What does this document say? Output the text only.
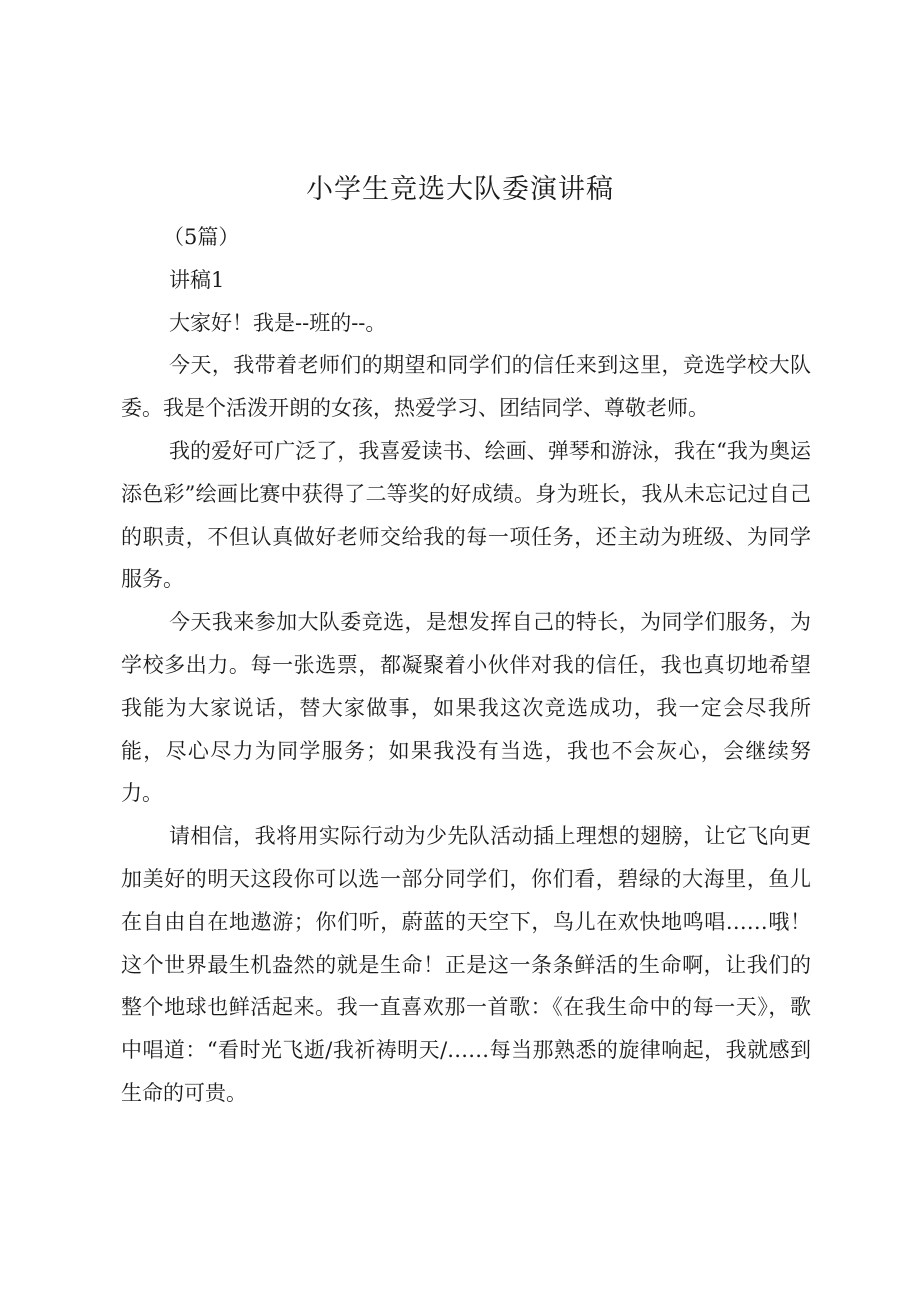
小学生竞选大队委演讲稿

（5篇）

讲稿1

大家好！我是--班的--。

今天，我带着老师们的期望和同学们的信任来到这里，竞选学校大队委。我是个活泼开朗的女孩，热爱学习、团结同学、尊敬老师。

我的爱好可广泛了，我喜爱读书、绘画、弹琴和游泳，我在“我为奥运添色彩”绘画比赛中获得了二等奖的好成绩。身为班长，我从未忘记过自己的职责，不但认真做好老师交给我的每一项任务，还主动为班级、为同学服务。

今天我来参加大队委竞选，是想发挥自己的特长，为同学们服务，为学校多出力。每一张选票，都凝聚着小伙伴对我的信任，我也真切地希望我能为大家说话，替大家做事，如果我这次竞选成功，我一定会尽我所能，尽心尽力为同学服务；如果我没有当选，我也不会灰心，会继续努力。

请相信，我将用实际行动为少先队活动插上理想的翅膀，让它飞向更加美好的明天这段你可以选一部分同学们，你们看，碧绿的大海里，鱼儿在自由自在地遨游；你们听，蔚蓝的天空下，鸟儿在欢快地鸣唱……哦！这个世界最生机盎然的就是生命！正是这一条条鲜活的生命啊，让我们的整个地球也鲜活起来。我一直喜欢那一首歌：《在我生命中的每一天》，歌中唱道：“看时光飞逝/我祈祷明天/……每当那熟悉的旋律响起，我就感到生命的可贵。
